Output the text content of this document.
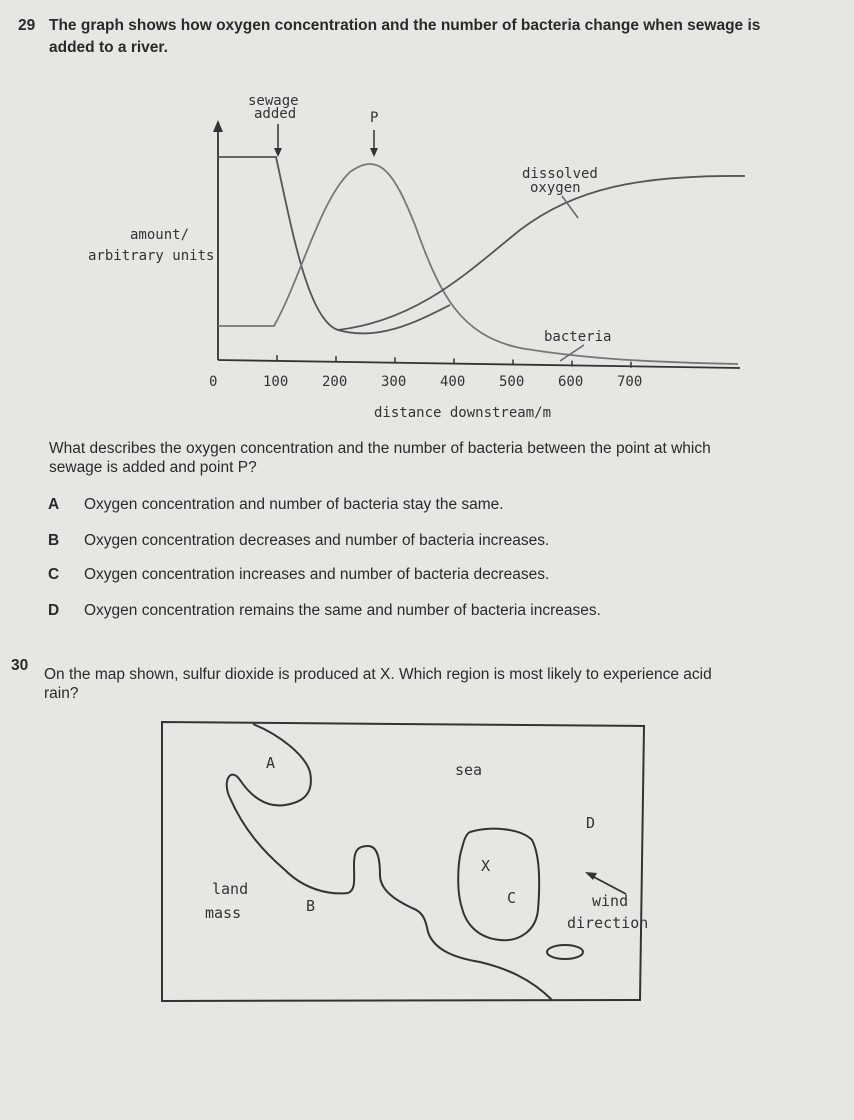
29 The graph shows how oxygen concentration and the number of bacteria change when sewage is
added to a river.
0	100 200 300 400 500 600 700
sewage
added	P
dissolved
oxygen
bacteria
amount/
arbitrary units
distance downstream/m
What describes the oxygen concentration and the number of bacteria between the point at which
sewage is added and point P?
A Oxygen concentration and number of bacteria stay the same.
B Oxygen concentration decreases and number of bacteria increases.
C Oxygen concentration increases and number of bacteria decreases.
D Oxygen concentration remains the same and number of bacteria increases.
30
On the map shown, sulfur dioxide is produced at X. Which region is most likely to experience acid
rain?
A	sea
D
X
land
mass	B	C	wind
direction
